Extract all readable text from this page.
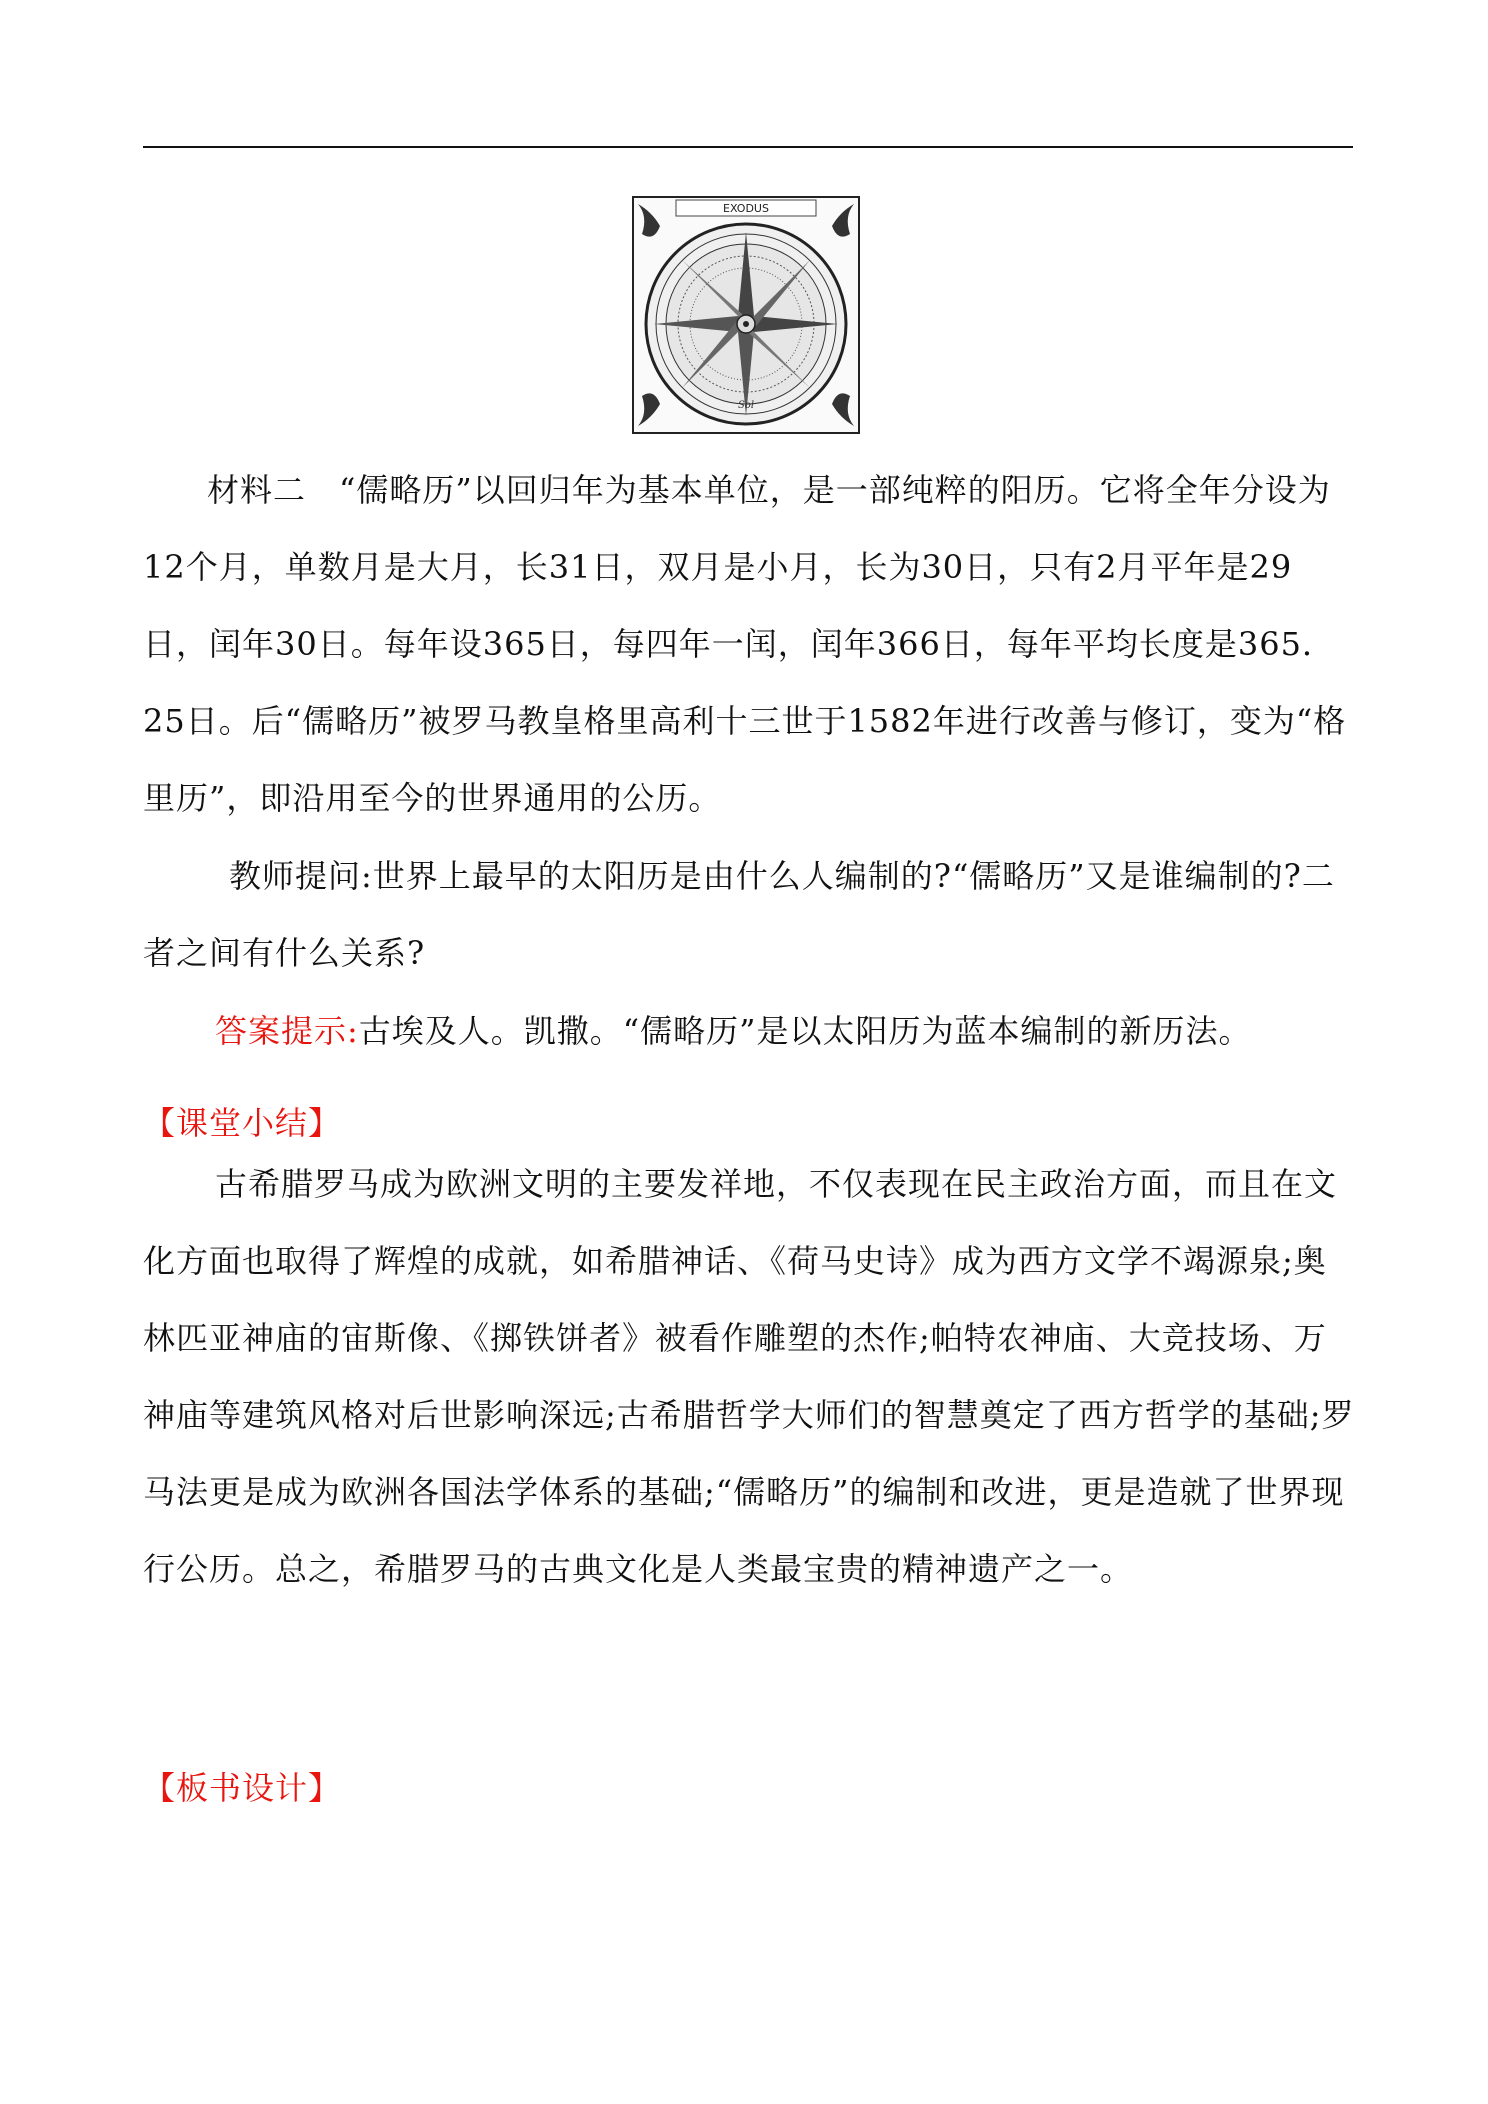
EXODUS
Sol

材料二　“儒略历”以回归年为基本单位，是一部纯粹的阳历。它将全年分设为12个月，单数月是大月，长31日，双月是小月，长为30日，只有2月平年是29日，闰年30日。每年设365日，每四年一闰，闰年366日，每年平均长度是365．25日。后“儒略历”被罗马教皇格里高利十三世于1582年进行改善与修订，变为“格里历”，即沿用至今的世界通用的公历。

教师提问:世界上最早的太阳历是由什么人编制的?“儒略历”又是谁编制的?二者之间有什么关系?

答案提示:古埃及人。凯撒。“儒略历”是以太阳历为蓝本编制的新历法。

【课堂小结】

古希腊罗马成为欧洲文明的主要发祥地，不仅表现在民主政治方面，而且在文化方面也取得了辉煌的成就，如希腊神话、《荷马史诗》成为西方文学不竭源泉;奥林匹亚神庙的宙斯像、《掷铁饼者》被看作雕塑的杰作;帕特农神庙、大竞技场、万神庙等建筑风格对后世影响深远;古希腊哲学大师们的智慧奠定了西方哲学的基础;罗马法更是成为欧洲各国法学体系的基础;“儒略历”的编制和改进，更是造就了世界现行公历。总之，希腊罗马的古典文化是人类最宝贵的精神遗产之一。

【板书设计】
